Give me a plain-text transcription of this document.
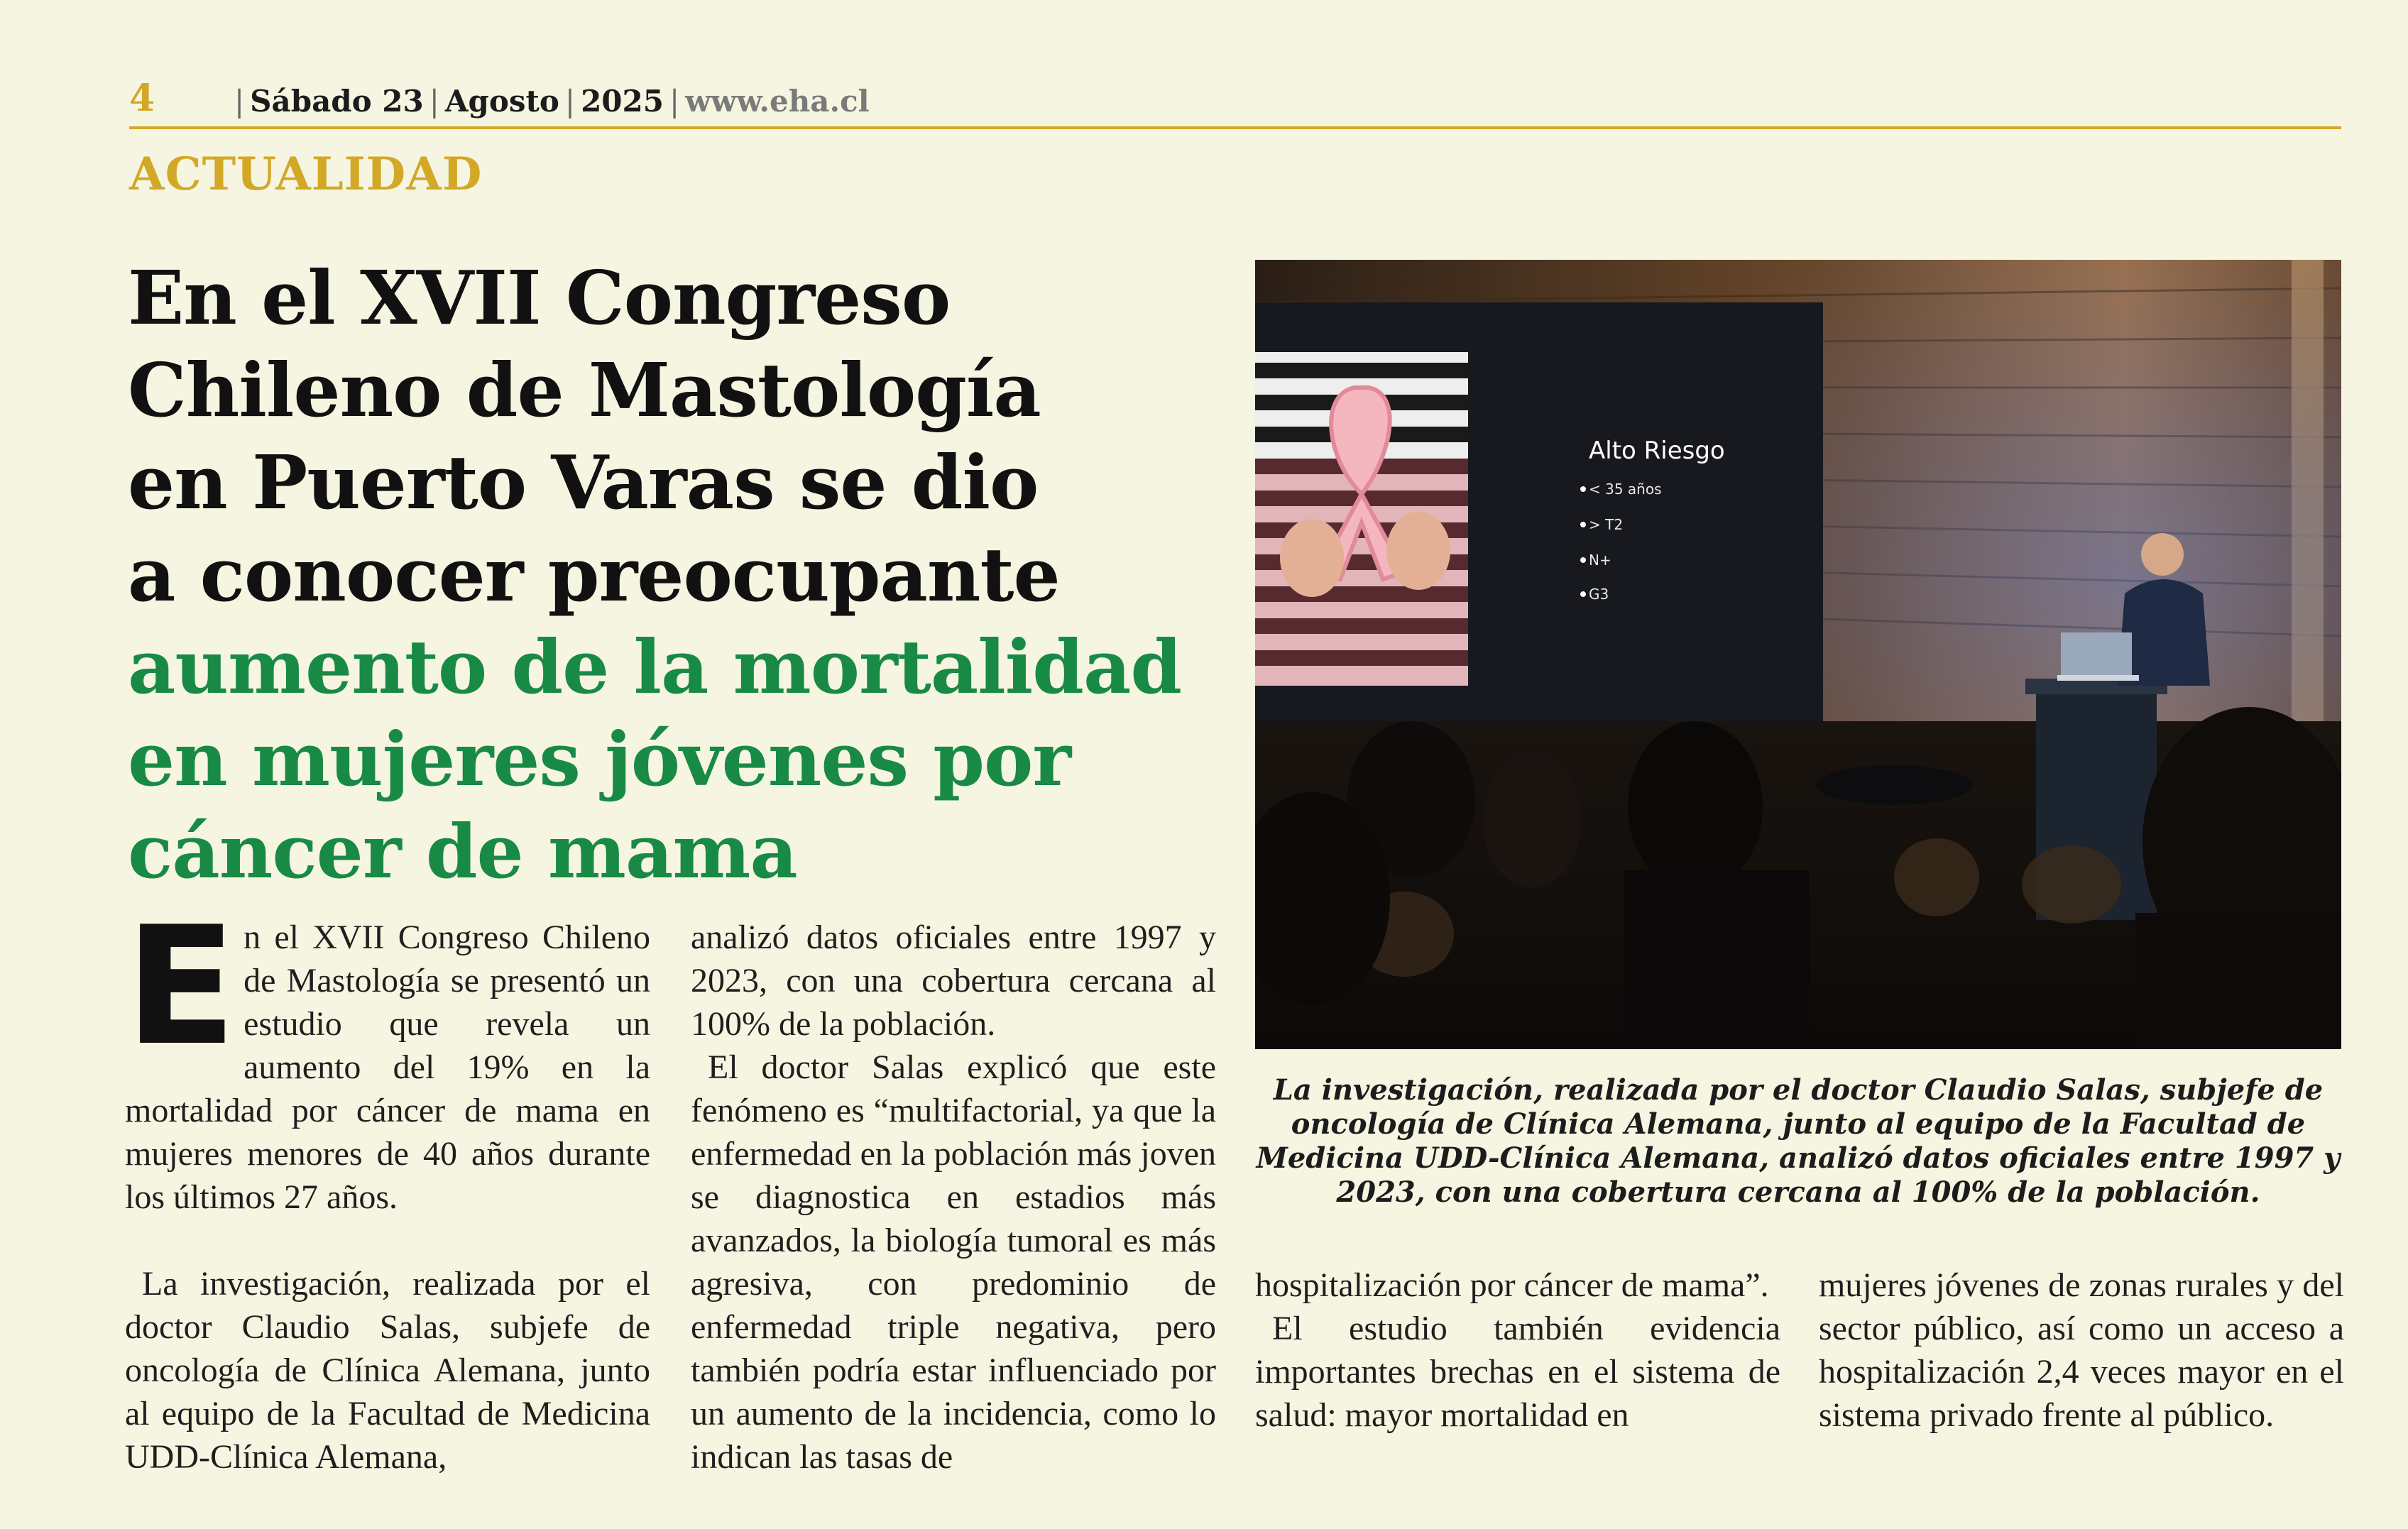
4	| Sábado 23 | Agosto | 2025 | www.eha.cl
ACTUALIDAD
En el XVII Congreso
Chileno de Mastología
en Puerto Varas se dio
a conocer preocupante
aumento de la mortalidad
en mujeres jóvenes por
cáncer de mama
Alto Riesgo
< 35 años
> T2
N+
G3
La investigación, realizada por el doctor Claudio Salas, subjefe de oncología de Clínica Alemana, junto al equipo de la Facultad de Medicina UDD-Clínica Alemana, analizó datos oficiales entre 1997 y 2023, con una cobertura cercana al 100% de la población.

En el XVII Congreso Chileno de Mastología se presentó un estudio que revela un aumento del 19% en la mortalidad por cáncer de mama en mujeres menores de 40 años durante los últimos 27 años.

La investigación, realizada por el doctor Claudio Salas, subjefe de oncología de Clínica Alemana, junto al equipo de la Facultad de Medicina UDD-Clínica Alemana,

analizó datos oficiales entre 1997 y 2023, con una cobertura cercana al 100% de la población.

El doctor Salas explicó que este fenómeno es “multifactorial, ya que la enfermedad en la población más joven se diagnostica en estadios más avanzados, la biología tumoral es más agresiva, con predominio de enfermedad triple negativa, pero también podría estar influenciado por un aumento de la incidencia, como lo indican las tasas de

hospitalización por cáncer de mama”.

El estudio también evidencia importantes brechas en el sistema de salud: mayor mortalidad en

mujeres jóvenes de zonas rurales y del sector público, así como un acceso a hospitalización 2,4 veces mayor en el sistema privado frente al público.
